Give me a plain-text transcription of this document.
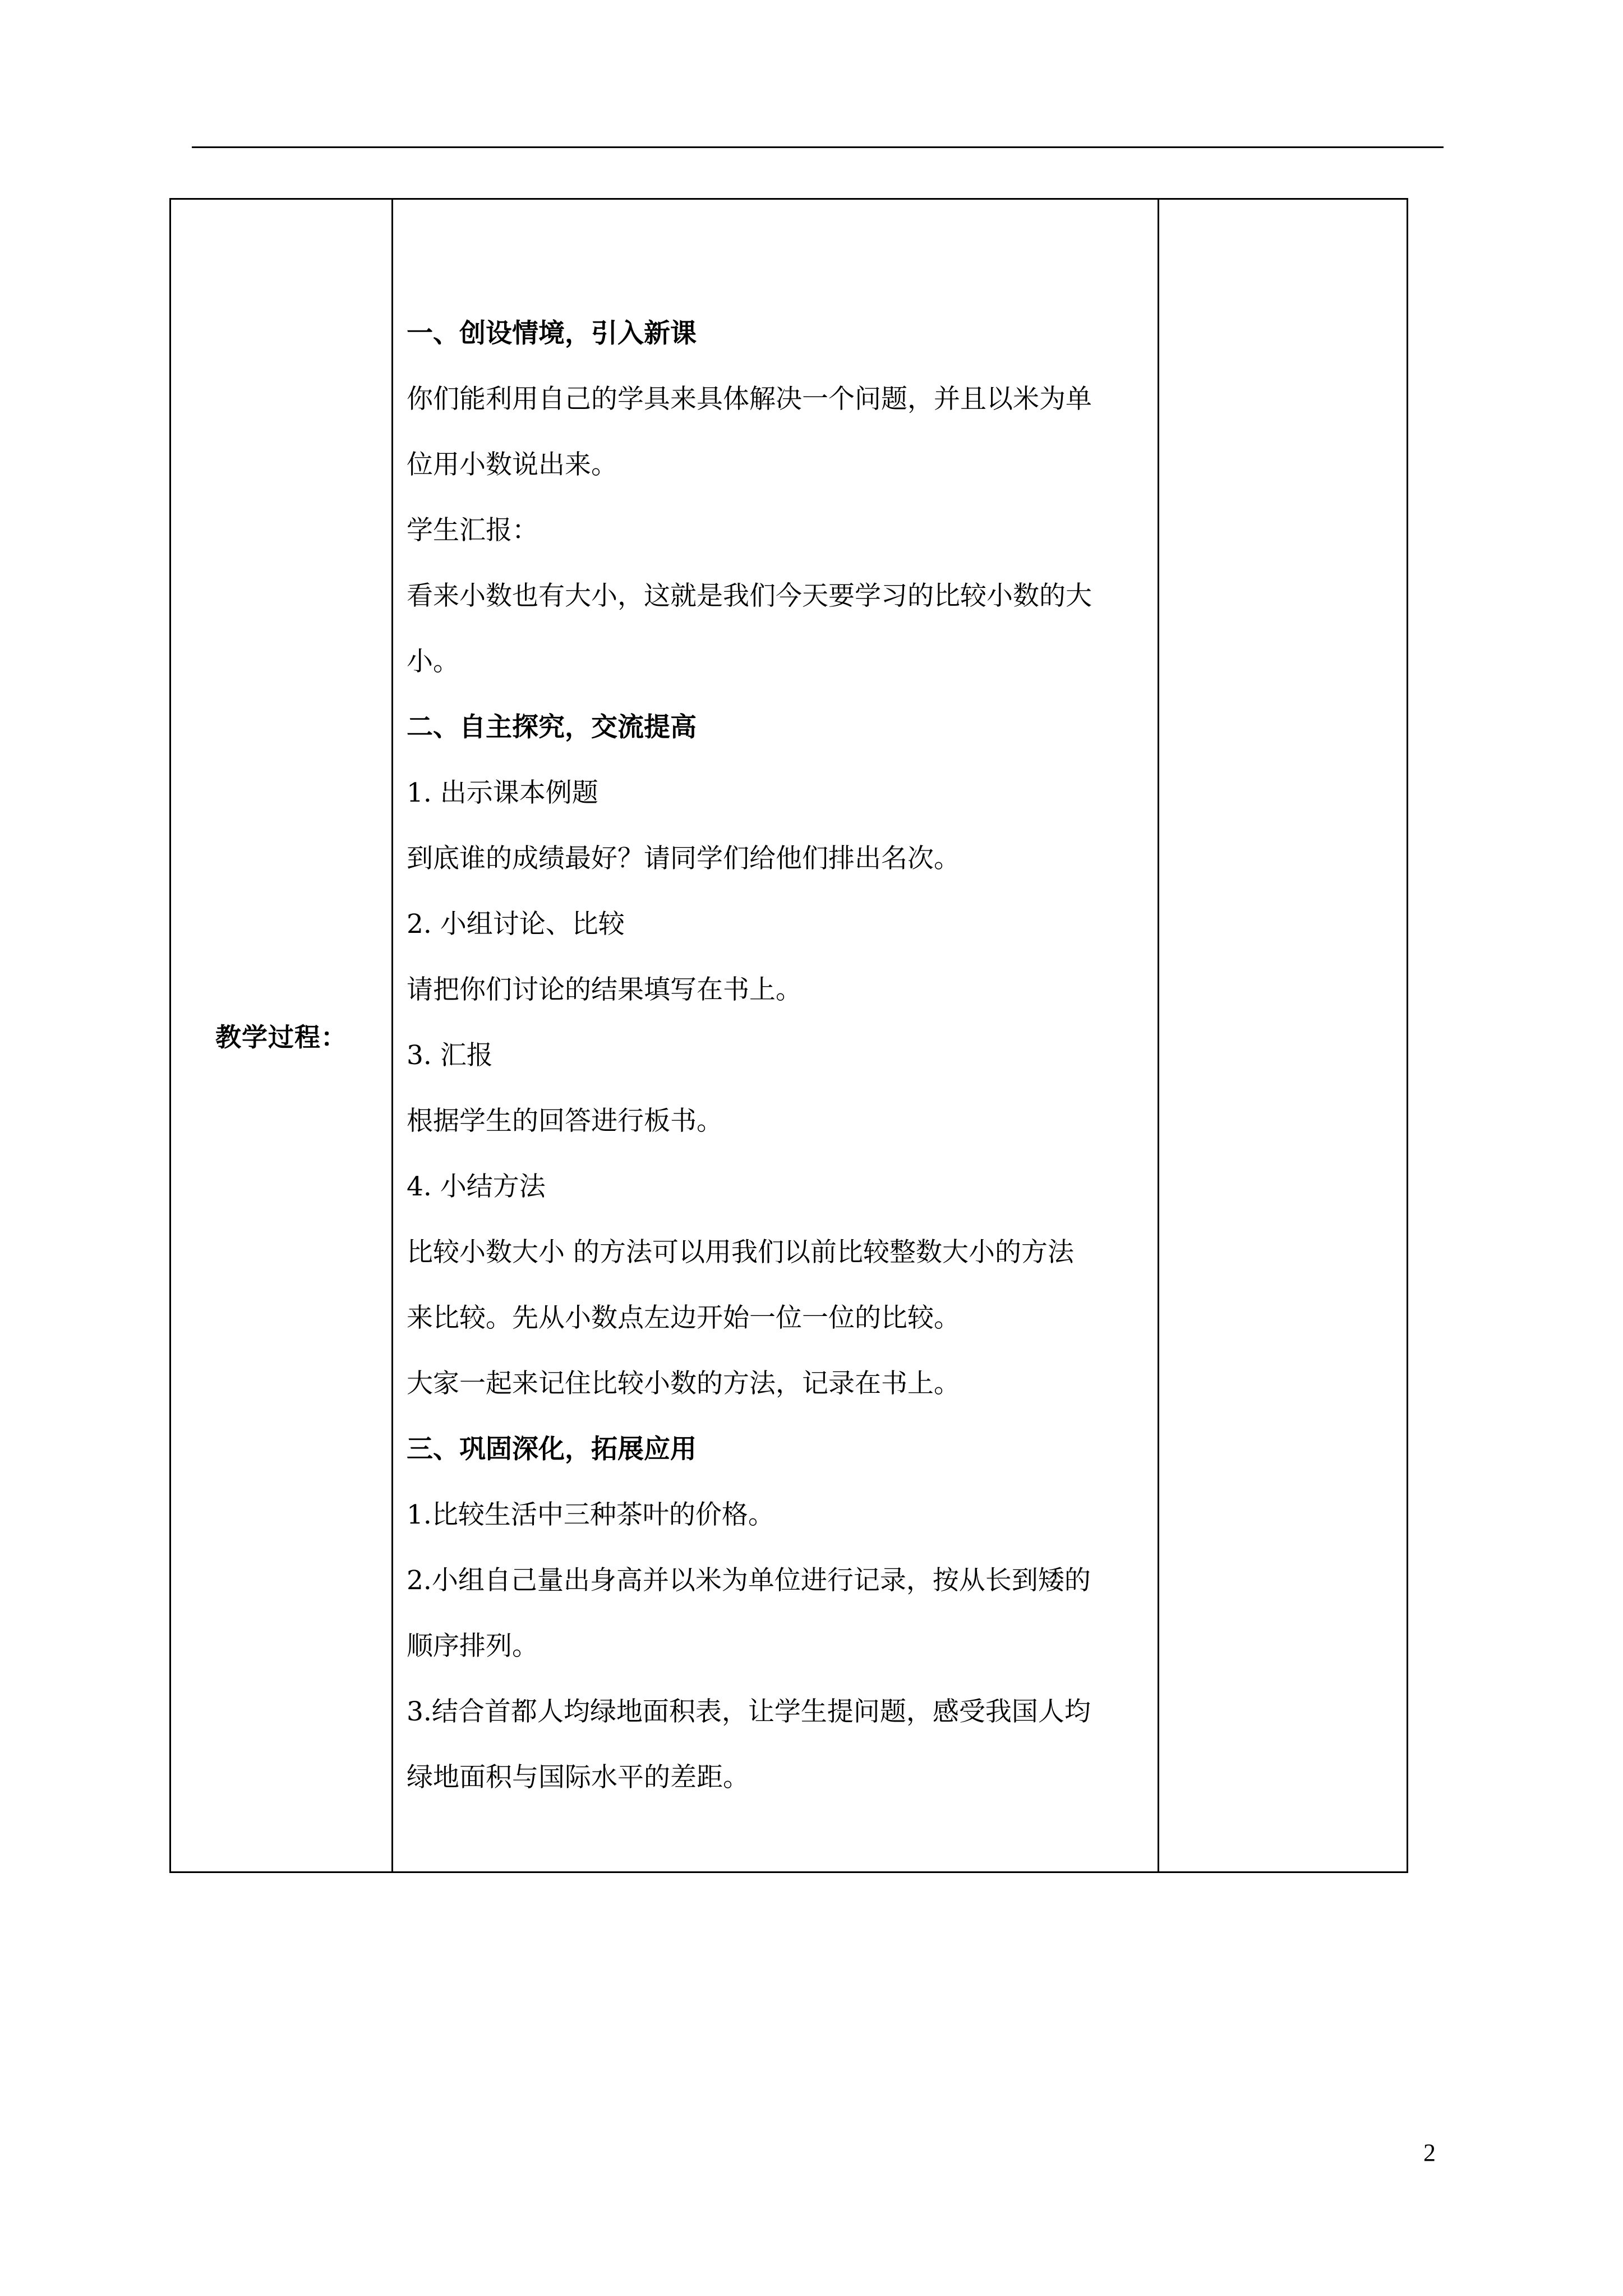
教学过程：	
一、创设情境，引入新课
你们能利用自己的学具来具体解决一个问题，并且以米为单
位用小数说出来。
学生汇报：
看来小数也有大小，这就是我们今天要学习的比较小数的大
小。
二、自主探究，交流提高
1. 出示课本例题
到底谁的成绩最好？请同学们给他们排出名次。
2. 小组讨论、比较
请把你们讨论的结果填写在书上。
3. 汇报
根据学生的回答进行板书。
4. 小结方法
比较小数大小 的方法可以用我们以前比较整数大小的方法
来比较。先从小数点左边开始一位一位的比较。
大家一起来记住比较小数的方法，记录在书上。
三、巩固深化，拓展应用
1.比较生活中三种茶叶的价格。
2.小组自己量出身高并以米为单位进行记录，按从长到矮的
顺序排列。
3.结合首都人均绿地面积表，让学生提问题，感受我国人均
绿地面积与国际水平的差距。

2
